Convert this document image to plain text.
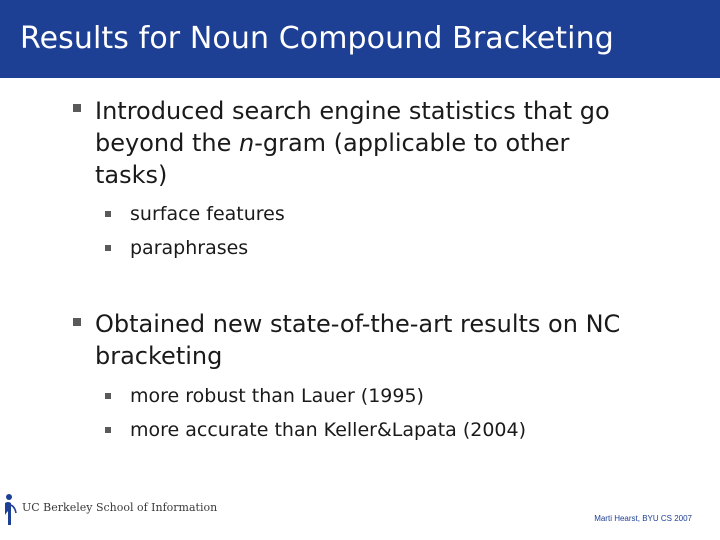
Results for Noun Compound Bracketing
Introduced search engine statistics that go
beyond the n-gram (applicable to other
tasks)
surface features
paraphrases
Obtained new state-of-the-art results on NC
bracketing
more robust than Lauer (1995)
more accurate than Keller&Lapata (2004)
UC Berkeley School of Information
Marti Hearst, BYU CS 2007
